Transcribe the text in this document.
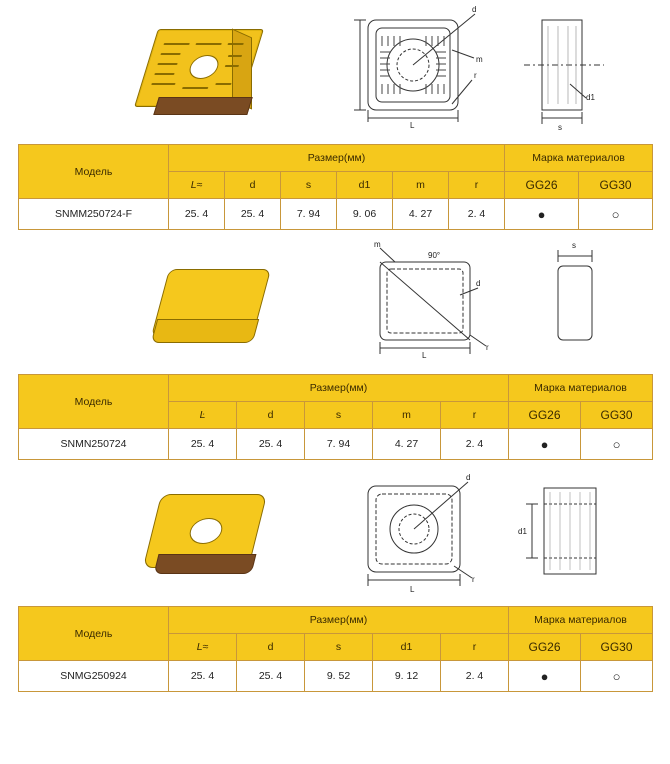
L
d
r
m
s
d1
Модель	Размер(мм)						Марка материалов	
	L≈	d	s	d1	m	r	GG26	GG30
SNMM250724-F	25. 4	25. 4	7. 94	9. 06	4. 27	2. 4	●	○
m
90°
d
L
r
s
Модель	Размер(мм)					Марка материалов	
	Ŀ	d	s	m	r	GG26	GG30
SNMN250724	25. 4	25. 4	7. 94	4. 27	2. 4	●	○
d
L
r
d1
Модель	Размер(мм)					Марка материалов	
	L≈	d	s	d1	r	GG26	GG30
SNMG250924	25. 4	25. 4	9. 52	9. 12	2. 4	●	○
